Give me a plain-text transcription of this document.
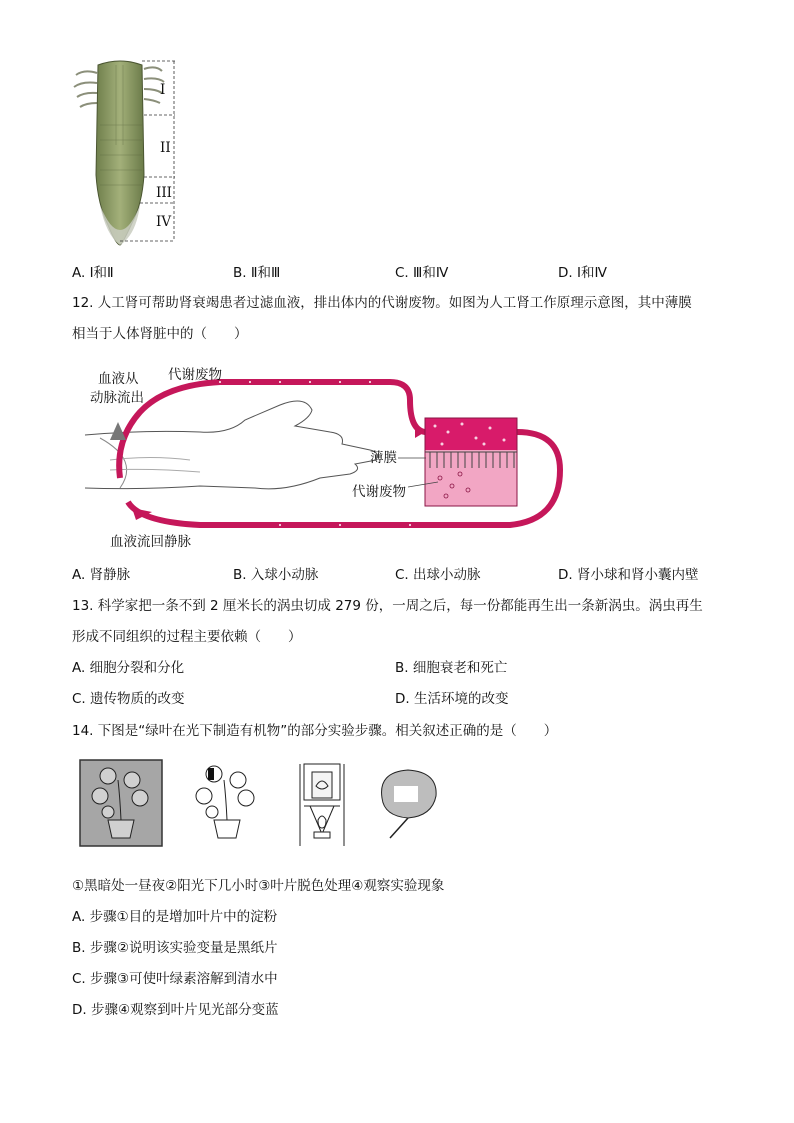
I
II
III
IV
A. I和Ⅱ	B. Ⅱ和Ⅲ	C. Ⅲ和Ⅳ	D. I和Ⅳ
12. 人工肾可帮助肾衰竭患者过滤血液，排出体内的代谢废物。如图为人工肾工作原理示意图，其中薄膜
相当于人体肾脏中的（　　）
血液从
动脉流出
代谢废物
薄膜
代谢废物
血液流回静脉
A. 肾静脉	B. 入球小动脉	C. 出球小动脉	D. 肾小球和肾小囊内壁
13. 科学家把一条不到 2 厘米长的涡虫切成 279 份，一周之后，每一份都能再生出一条新涡虫。涡虫再生
形成不同组织的过程主要依赖（　　）
A. 细胞分裂和分化	B. 细胞衰老和死亡
C. 遗传物质的改变	D. 生活环境的改变
14. 下图是“绿叶在光下制造有机物”的部分实验步骤。相关叙述正确的是（　　）
①黑暗处一昼夜②阳光下几小时③叶片脱色处理④观察实验现象
A. 步骤①目的是增加叶片中的淀粉
B. 步骤②说明该实验变量是黑纸片
C. 步骤③可使叶绿素溶解到清水中
D. 步骤④观察到叶片见光部分变蓝
